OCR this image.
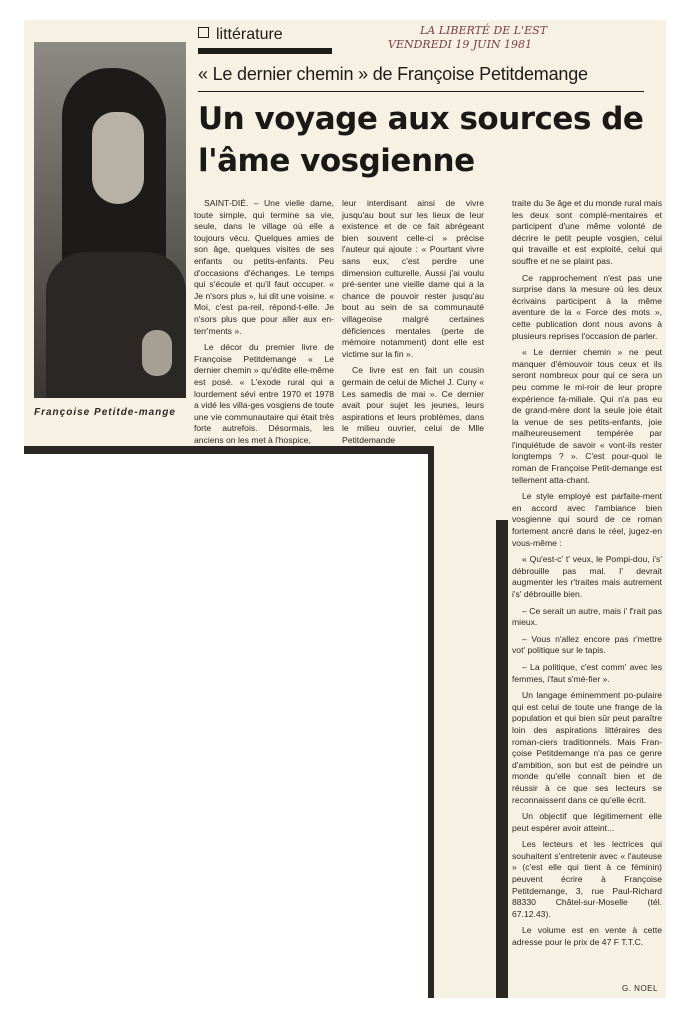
Françoise Petitde-mange
littérature	LA LIBERTÉ DE L'EST
VENDREDI 19 JUIN 1981
« Le dernier chemin » de Françoise Petitdemange
Un voyage aux sources de l'âme vosgienne

SAINT-DIÉ. – Une vielle dame, toute simple, qui termine sa vie, seule, dans le village où elle a toujours vécu. Quelques amies de son âge, quelques visites de ses enfants ou petits-enfants. Peu d'occasions d'échanges. Le temps qui s'écoule et qu'il faut occuper. « Je n'sors plus », lui dit une voisine. « Moi, c'est pa-reil, répond-t-elle. Je n'sors plus que pour aller aux en-terr'ments ».

Le décor du premier livre de Françoise Petitdemange « Le dernier chemin » qu'édite elle-même est posé. « L'exode rural qui a lourdement sévi entre 1970 et 1978 a vidé les villa-ges vosgiens de toute une vie communautaire qui était très forte autrefois. Désormais, les anciens on les met à l'hospice,

leur interdisant ainsi de vivre jusqu'au bout sur les lieux de leur existence et de ce fait abrégeant bien souvent celle-ci » précise l'auteur qui ajoute : « Pourtant vivre sans eux, c'est perdre une dimension culturelle. Aussi j'ai voulu pré-senter une vieille dame qui a la chance de pouvoir rester jusqu'au bout au sein de sa communauté villageoise malgré certaines déficiences mentales (perte de mémoire notamment) dont elle est victime sur la fin ».

Ce livre est en fait un cousin germain de celui de Michel J. Cuny « Les samedis de mai ». Ce dernier avait pour sujet les jeunes, leurs aspirations et leurs problèmes, dans le milieu ouvrier, celui de Mlle Petitdemande

traite du 3e âge et du monde rural mais les deux sont complé-mentaires et participent d'une même volonté de décrire le petit peuple vosgien, celui qui travaille et est exploité, celui qui souffre et ne se plaint pas.

Ce rapprochement n'est pas une surprise dans la mesure où les deux écrivains participent à la même aventure de la « Force des mots », cette publication dont nous avons à plusieurs reprises l'occasion de parler.

« Le dernier chemin » ne peut manquer d'émouvoir tous ceux et ils seront nombreux pour qui ce sera un peu comme le mi-roir de leur propre expérience fa-miliale. Qui n'a pas eu de grand-mère dont la seule joie était la venue de ses petits-enfants, joie malheureusement tempérée par l'inquiétude de savoir « vont-ils rester longtemps ? ». C'est pour-quoi le roman de Françoise Petit-demange est tellement atta-chant.

Le style employé est parfaite-ment en accord avec l'ambiance bien vosgienne qui sourd de ce roman fortement ancré dans le réel, jugez-en vous-même :

« Qu'est-c' t' veux, le Pompi-dou, i's' débrouille pas mal. I' devrait augmenter les r'traites mais autrement i's' débrouille bien.

– Ce serait un autre, mais i' f'rait pas mieux.

– Vous n'allez encore pas r'mettre vot' politique sur le tapis.

– La politique, c'est comm' avec les femmes, i'faut s'mé-fier ».

Un langage éminemment po-pulaire qui est celui de toute une frange de la population et qui bien sûr peut paraître loin des aspirations littéraires des roman-ciers traditionnels. Mais Fran-çoise Petitdemange n'a pas ce genre d'ambition, son but est de peindre un monde qu'elle connaît bien et de réussir à ce que ses lecteurs se reconnaissent dans ce qu'elle écrit.

Un objectif que légitimement elle peut espérer avoir atteint...

Les lecteurs et les lectrices qui souhaitent s'entretenir avec « l'auteuse » (c'est elle qui tient à ce féminin) peuvent écrire à Françoise Petitdemange, 3, rue Paul-Richard 88330 Châtel-sur-Moselle (tél. 67.12.43).

Le volume est en vente à cette adresse pour le prix de 47 F T.T.C.

G. NOEL
